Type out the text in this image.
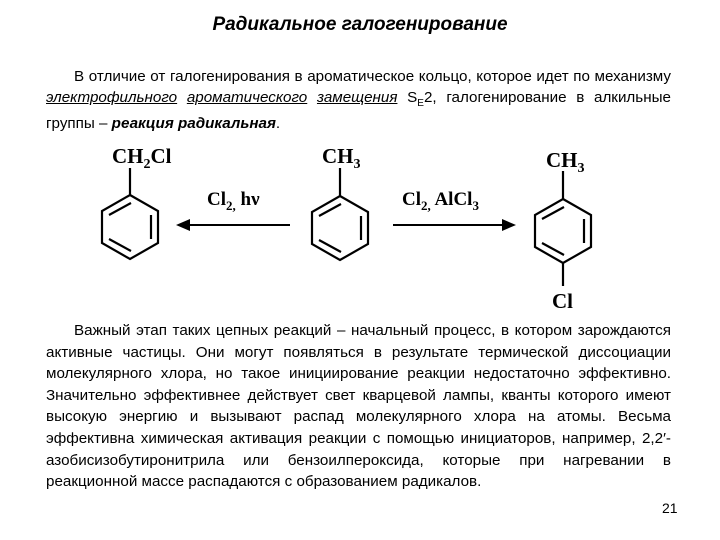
Радикальное галогенирование
В отличие от галогенирования в ароматическое кольцо, которое идет по механизму электрофильного ароматического замещения $S_E2$, галогенирование в алкильные группы – реакция радикальная.
$CH_2Cl$	$CH_3$	$CH_3$
Cl
$Cl_{2,}$ hν	$Cl_{2,}$ AlCl$_3$
Важный этап таких цепных реакций – начальный процесс, в котором зарождаются активные частицы. Они могут появляться в результате термической диссоциации молекулярного хлора, но такое инициирование реакции недостаточно эффективно. Значительно эффективнее действует свет кварцевой лампы, кванты которого имеют высокую энергию и вызывают распад молекулярного хлора на атомы. Весьма эффективна химическая активация реакции с помощью инициаторов, например, 2,2′-азобисизобутиронитрила или бензоилпероксида, которые при нагревании в реакционной массе распадаются с образованием радикалов.
21
